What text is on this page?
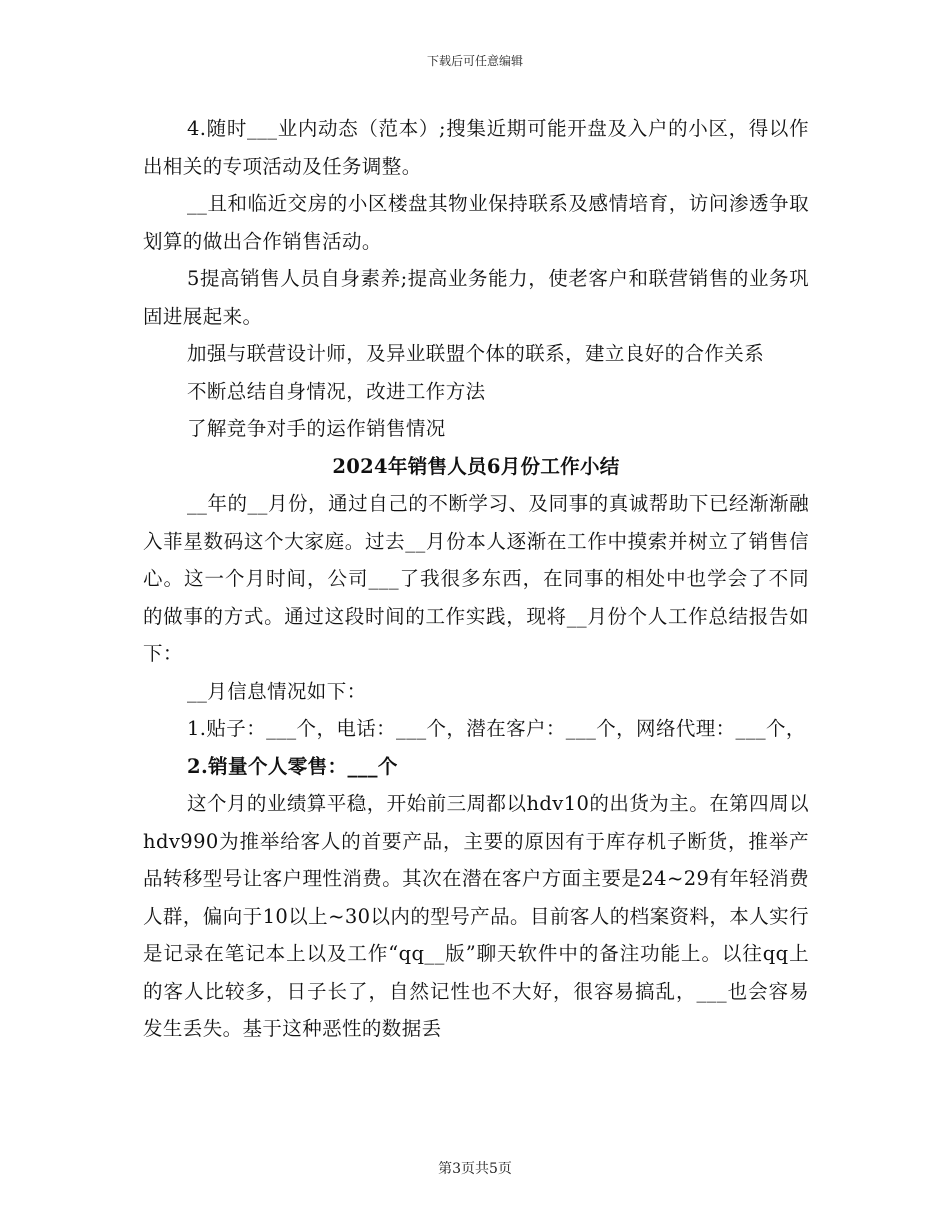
下载后可任意编辑

4.随时___业内动态（范本）;搜集近期可能开盘及入户的小区，得以作出相关的专项活动及任务调整。

__且和临近交房的小区楼盘其物业保持联系及感情培育，访问渗透争取划算的做出合作销售活动。

5提高销售人员自身素养;提高业务能力，使老客户和联营销售的业务巩固进展起来。

加强与联营设计师，及异业联盟个体的联系，建立良好的合作关系

不断总结自身情况，改进工作方法

了解竞争对手的运作销售情况

2024年销售人员6月份工作小结

__年的__月份，通过自己的不断学习、及同事的真诚帮助下已经渐渐融入菲星数码这个大家庭。过去__月份本人逐渐在工作中摸索并树立了销售信心。这一个月时间，公司___了我很多东西，在同事的相处中也学会了不同的做事的方式。通过这段时间的工作实践，现将__月份个人工作总结报告如下：

__月信息情况如下：

1.贴子：___个，电话：___个，潜在客户：___个，网络代理：___个，

2.销量个人零售：___个

这个月的业绩算平稳，开始前三周都以hdv10的出货为主。在第四周以hdv990为推举给客人的首要产品，主要的原因有于库存机子断货，推举产品转移型号让客户理性消费。其次在潜在客户方面主要是24~29有年轻消费人群，偏向于10以上~30以内的型号产品。目前客人的档案资料，本人实行是记录在笔记本上以及工作“qq__版”聊天软件中的备注功能上。以往qq上的客人比较多，日子长了，自然记性也不大好，很容易搞乱，___也会容易发生丢失。基于这种恶性的数据丢

第3页共5页
